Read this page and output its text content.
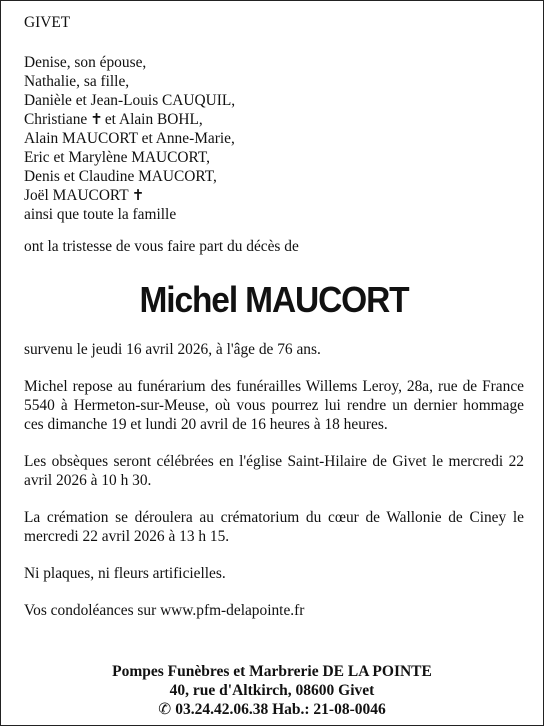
GIVET
Denise, son épouse,
Nathalie, sa fille,
Danièle et Jean-Louis CAUQUIL,
Christiane ✝ et Alain BOHL,
Alain MAUCORT et Anne-Marie,
Eric et Marylène MAUCORT,
Denis et Claudine MAUCORT,
Joël MAUCORT ✝
ainsi que toute la famille

ont la tristesse de vous faire part du décès de

Michel MAUCORT

survenu le jeudi 16 avril 2026, à l'âge de 76 ans.

Michel repose au funérarium des funérailles Willems Leroy, 28a, rue de France 5540 à Hermeton-sur-Meuse, où vous pourrez lui rendre un dernier hommage ces dimanche 19 et lundi 20 avril de 16 heures à 18 heures.

Les obsèques seront célébrées en l'église Saint-Hilaire de Givet le mercredi 22 avril 2026 à 10 h 30.

La crémation se déroulera au crématorium du cœur de Wallonie de Ciney le mercredi 22 avril 2026 à 13 h 15.

Ni plaques, ni fleurs artificielles.

Vos condoléances sur www.pfm-delapointe.fr

Pompes Funèbres et Marbrerie DE LA POINTE
40, rue d'Altkirch, 08600 Givet
✆ 03.24.42.06.38 Hab.: 21-08-0046
